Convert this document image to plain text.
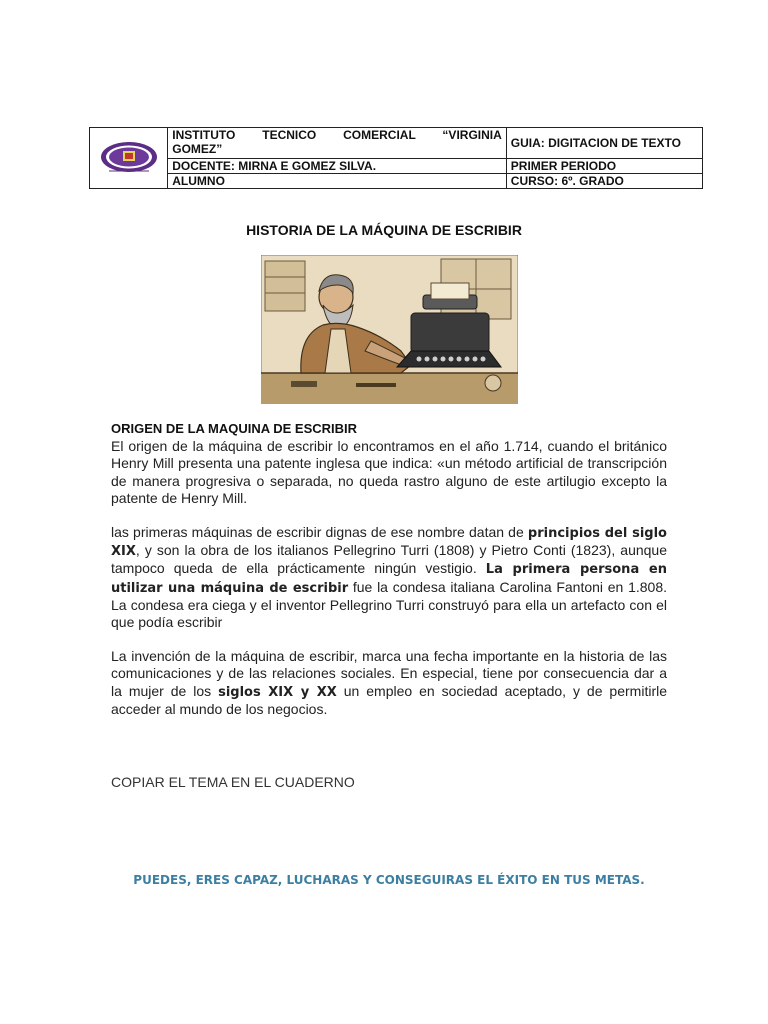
INSTITUTO TECNICO COMERCIAL “VIRGINIA
GOMEZ”	GUIA: DIGITACION DE TEXTO
	DOCENTE: MIRNA E GOMEZ SILVA.	PRIMER PERIODO
	ALUMNO	CURSO: 6º. GRADO
HISTORIA DE LA MÁQUINA DE ESCRIBIR
ORIGEN DE LA MAQUINA DE ESCRIBIR

El origen de la máquina de escribir lo encontramos en el año 1.714, cuando el británico Henry Mill presenta una patente inglesa que indica: «un método artificial de transcripción de manera progresiva o separada, no queda rastro alguno de este artilugio excepto la patente de Henry Mill.

las primeras máquinas de escribir dignas de ese nombre datan de principios del siglo XIX, y son la obra de los italianos Pellegrino Turri (1808) y Pietro Conti (1823), aunque tampoco queda de ella prácticamente ningún vestigio. La primera persona en utilizar una máquina de escribir fue la condesa italiana Carolina Fantoni en 1.808. La condesa era ciega y el inventor Pellegrino Turri construyó para ella un artefacto con el que podía escribir

La invención de la máquina de escribir, marca una fecha importante en la historia de las comunicaciones y de las relaciones sociales. En especial, tiene por consecuencia dar a la mujer de los siglos XIX y XX un empleo en sociedad aceptado, y de permitirle acceder al mundo de los negocios.

COPIAR EL TEMA EN EL CUADERNO
PUEDES, ERES CAPAZ, LUCHARAS Y CONSEGUIRAS EL ÉXITO EN TUS METAS.
